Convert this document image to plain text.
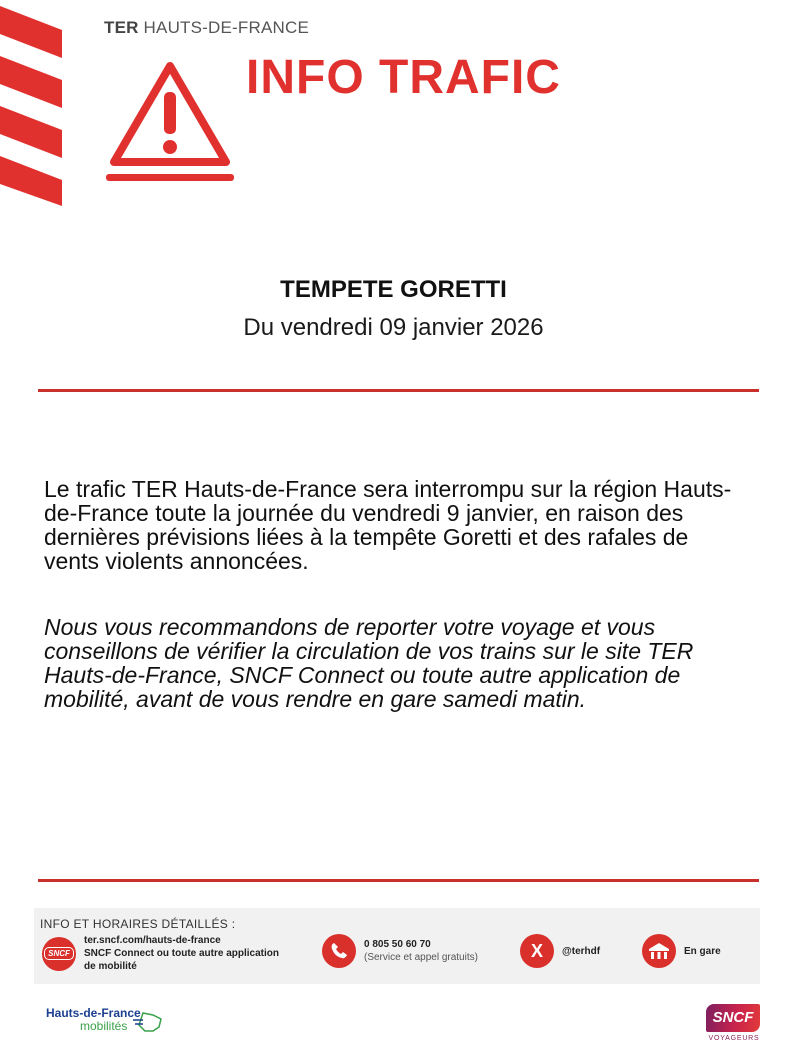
TER HAUTS-DE-FRANCE
INFO TRAFIC
TEMPETE GORETTI
Du vendredi 09 janvier 2026
Le trafic TER Hauts-de-France sera interrompu sur la région Hauts-de-France toute la journée du vendredi 9 janvier, en raison des dernières prévisions liées à la tempête Goretti et des rafales de vents violents annoncées.
Nous vous recommandons de reporter votre voyage et vous conseillons de vérifier la circulation de vos trains sur le site TER Hauts-de-France, SNCF Connect ou toute autre application de mobilité, avant de vous rendre en gare samedi matin.
INFO ET HORAIRES DÉTAILLÉS :
SNCF
ter.sncf.com/hauts-de-france
SNCF Connect ou toute autre application
de mobilité
0 805 50 60 70
(Service et appel gratuits)	X @terhdf	En gare
Hauts-de-France
mobilités	SNCF
VOYAGEURS
